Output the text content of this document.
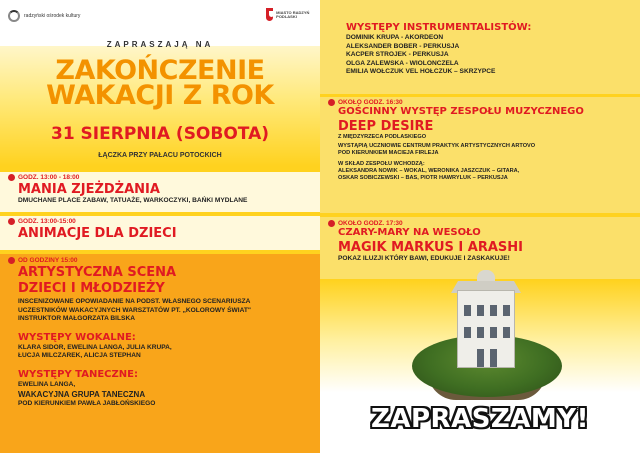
radzyński ośrodek kultury
MIASTO RADZYŃ PODLASKI
ZAPRASZAJĄ NA
ZAKOŃCZENIE
WAKACJI Z ROK
31 SIERPNIA (SOBOTA)
ŁĄCZKA PRZY PAŁACU POTOCKICH
GODZ. 13:00 - 18:00
MANIA ZJEŻDŻANIA
DMUCHANE PLACE ZABAW, TATUAŻE, WARKOCZYKI, BAŃKI MYDLANE
GODZ. 13:00-15:00
ANIMACJE DLA DZIECI
OD GODZINY 15:00
ARTYSTYCZNA SCENA
DZIECI I MŁODZIEŻY
INSCENIZOWANE OPOWIADANIE NA PODST. WŁASNEGO SCENARIUSZA
UCZESTNIKÓW WAKACYJNYCH WARSZTATÓW PT. „KOLOROWY ŚWIAT"
INSTRUKTOR MAŁGORZATA BILSKA
WYSTĘPY WOKALNE:
KLARA SIDOR, EWELINA LANGA, JULIA KRUPA,
ŁUCJA MILCZAREK, ALICJA STEPHAN
WYSTĘPY TANECZNE:
EWELINA LANGA,
WAKACYJNA GRUPA TANECZNA
POD KIERUNKIEM PAWŁA JABŁOŃSKIEGO
WYSTĘPY INSTRUMENTALISTÓW:
DOMINIK KRUPA - AKORDEON
ALEKSANDER BOBER - PERKUSJA
KACPER STROJEK - PERKUSJA
OLGA ZALEWSKA - WIOLONCZELA
EMILIA WOŁCZUK VEL HOŁCZUK – SKRZYPCE
OKOŁO GODZ. 16:30
GOŚCINNY WYSTĘP ZESPOŁU MUZYCZNEGO
DEEP DESIRE
Z MIĘDZYRZECA PODLASKIEGO
WYSTĄPIĄ UCZNIOWIE CENTRUM PRAKTYK ARTYSTYCZNYCH ARTOVO
POD KIERUNKIEM MACIEJA FIRLEJA
W SKŁAD ZESPOŁU WCHODZĄ:
ALEKSANDRA NOWIK – WOKAL, WERONIKA JASZCZUK – GITARA,
OSKAR SOBICZEWSKI – BAS, PIOTR HAWRYLUK – PERKUSJA
OKOŁO GODZ. 17:30
CZARY-MARY NA WESOŁO
MAGIK MARKUS I ARASHI
POKAZ ILUZJI KTÓRY BAWI, EDUKUJE I ZASKAKUJE!
ZAPRASZAMY!
